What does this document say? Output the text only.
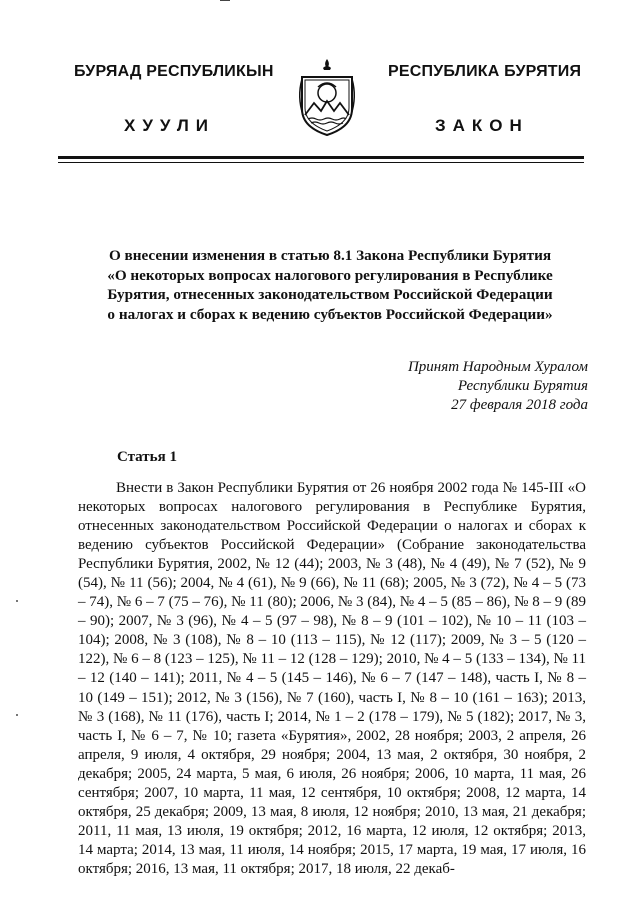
БУРЯАД РЕСПУБЛИКЫН	РЕСПУБЛИКА БУРЯТИЯ
ХУУЛИ	ЗАКОН
О внесении изменения в статью 8.1 Закона Республики Бурятия
«О некоторых вопросах налогового регулирования в Республике
Бурятия, отнесенных законодательством Российской Федерации
о налогах и сборах к ведению субъектов Российской Федерации»
Принят Народным Хуралом
Республики Бурятия
27 февраля 2018 года
Статья 1
Внести в Закон Республики Бурятия от 26 ноября 2002 года № 145-III «О некоторых вопросах налогового регулирования в Республике Бурятия, отнесенных законодательством Российской Федерации о налогах и сборах к ведению субъектов Российской Федерации» (Собрание законодательства Республики Бурятия, 2002, № 12 (44); 2003, № 3 (48), № 4 (49), № 7 (52), № 9 (54), № 11 (56); 2004, № 4 (61), № 9 (66), № 11 (68); 2005, № 3 (72), № 4 – 5 (73 – 74), № 6 – 7 (75 – 76), № 11 (80); 2006, № 3 (84), № 4 – 5 (85 – 86), № 8 – 9 (89 – 90); 2007, № 3 (96), № 4 – 5 (97 – 98), № 8 – 9 (101 – 102), № 10 – 11 (103 – 104); 2008, № 3 (108), № 8 – 10 (113 – 115), № 12 (117); 2009, № 3 – 5 (120 – 122), № 6 – 8 (123 – 125), № 11 – 12 (128 – 129); 2010, № 4 – 5 (133 – 134), № 11 – 12 (140 – 141); 2011, № 4 – 5 (145 – 146), № 6 – 7 (147 – 148), часть I, № 8 – 10 (149 – 151); 2012, № 3 (156), № 7 (160), часть I, № 8 – 10 (161 – 163); 2013, № 3 (168), № 11 (176), часть I; 2014, № 1 – 2 (178 – 179), № 5 (182); 2017, № 3, часть I, № 6 – 7, № 10; газета «Бурятия», 2002, 28 ноября; 2003, 2 апреля, 26 апреля, 9 июля, 4 октября, 29 ноября; 2004, 13 мая, 2 октября, 30 ноября, 2 декабря; 2005, 24 марта, 5 мая, 6 июля, 26 ноября; 2006, 10 марта, 11 мая, 26 сентября; 2007, 10 марта, 11 мая, 12 сентября, 10 октября; 2008, 12 марта, 14 октября, 25 декабря; 2009, 13 мая, 8 июля, 12 ноября; 2010, 13 мая, 21 декабря; 2011, 11 мая, 13 июля, 19 октября; 2012, 16 марта, 12 июля, 12 октября; 2013, 14 марта; 2014, 13 мая, 11 июля, 14 ноября; 2015, 17 марта, 19 мая, 17 июля, 16 октября; 2016, 13 мая, 11 октября; 2017, 18 июля, 22 декаб-
